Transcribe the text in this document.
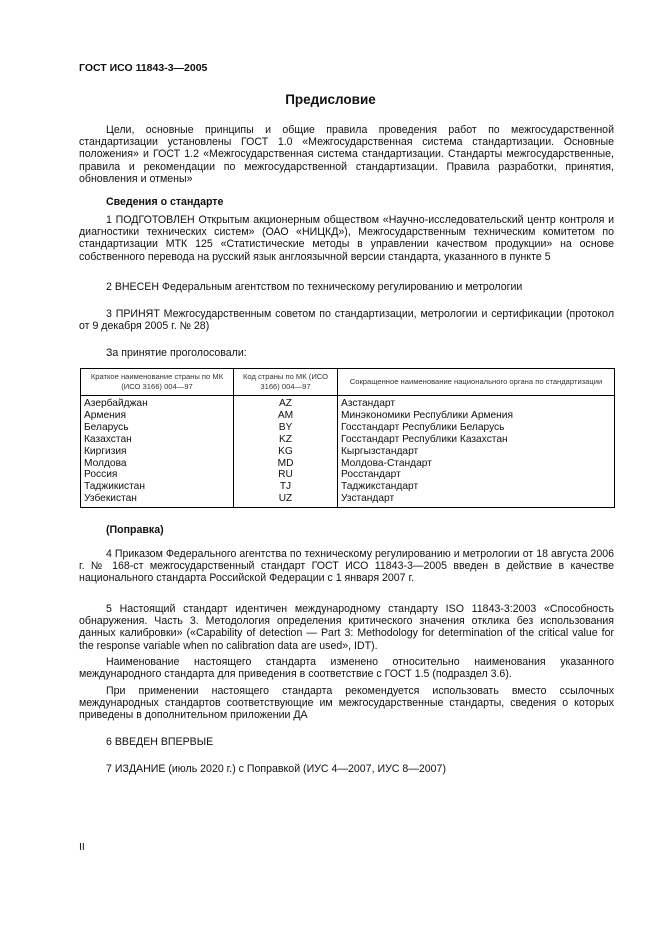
ГОСТ ИСО 11843-3—2005
Предисловие
Цели, основные принципы и общие правила проведения работ по межгосударственной стандартизации установлены ГОСТ 1.0 «Межгосударственная система стандартизации. Основные положения» и ГОСТ 1.2 «Межгосударственная система стандартизации. Стандарты межгосударственные, правила и рекомендации по межгосударственной стандартизации. Правила разработки, принятия, обновления и отмены»
Сведения о стандарте
1 ПОДГОТОВЛЕН Открытым акционерным обществом «Научно-исследовательский центр контроля и диагностики технических систем» (ОАО «НИЦКД»), Межгосударственным техническим комитетом по стандартизации МТК 125 «Статистические методы в управлении качеством продукции» на основе собственного перевода на русский язык англоязычной версии стандарта, указанного в пункте 5
2 ВНЕСЕН Федеральным агентством по техническому регулированию и метрологии
3 ПРИНЯТ Межгосударственным советом по стандартизации, метрологии и сертификации (протокол от 9 декабря 2005 г. № 28)
За принятие проголосовали:
Краткое наименование страны по МК (ИСО 3166) 004—97	Код страны по МК (ИСО 3166) 004—97	Сокращенное наименование национального органа по стандартизации
Азербайджан	AZ	Азстандарт
Армения	AM	Минэкономики Республики Армения
Беларусь	BY	Госстандарт Республики Беларусь
Казахстан	KZ	Госстандарт Республики Казахстан
Киргизия	KG	Кыргызстандарт
Молдова	MD	Молдова-Стандарт
Россия	RU	Росстандарт
Таджикистан	TJ	Таджикстандарт
Узбекистан	UZ	Узстандарт
(Поправка)
4 Приказом Федерального агентства по техническому регулированию и метрологии от 18 августа 2006 г. № 168-ст межгосударственный стандарт ГОСТ ИСО 11843-3—2005 введен в действие в качестве национального стандарта Российской Федерации с 1 января 2007 г.
5 Настоящий стандарт идентичен международному стандарту ISO 11843-3:2003 «Способность обнаружения. Часть 3. Методология определения критического значения отклика без использования данных калибровки» («Capability of detection — Part 3: Methodology for determination of the critical value for the response variable when no calibration data are used», IDT).
Наименование настоящего стандарта изменено относительно наименования указанного международного стандарта для приведения в соответствие с ГОСТ 1.5 (подраздел 3.6).
При применении настоящего стандарта рекомендуется использовать вместо ссылочных международных стандартов соответствующие им межгосударственные стандарты, сведения о которых приведены в дополнительном приложении ДА
6 ВВЕДЕН ВПЕРВЫЕ
7 ИЗДАНИЕ (июль 2020 г.) с Поправкой (ИУС 4—2007, ИУС 8—2007)
II
